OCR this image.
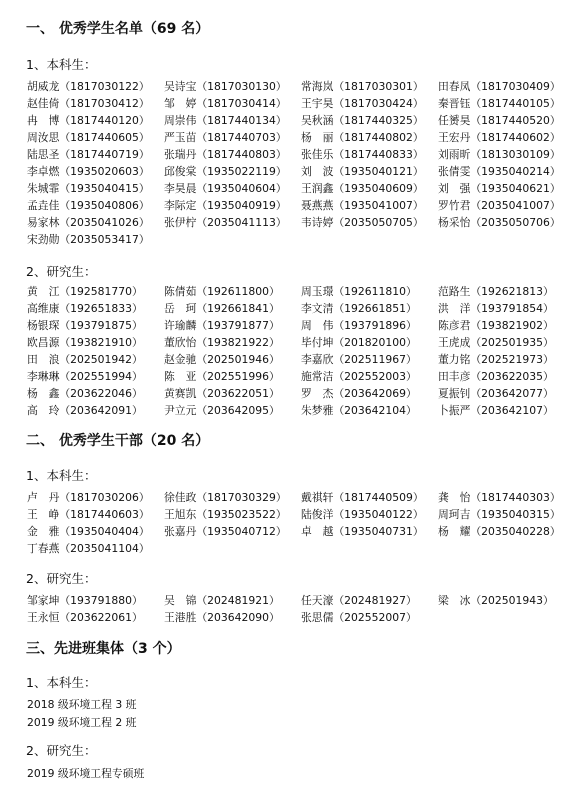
一、 优秀学生名单（69 名）
1、本科生：
胡威龙（1817030122）	吴诗宝（1817030130）	常海岚（1817030301）	田春凤（1817030409）
赵佳倚（1817030412）	邹　婷（1817030414）	王宇昊（1817030424）	秦晋钰（1817440105）
冉　博（1817440120）	周崇伟（1817440134）	吴秋涵（1817440325）	任赟昊（1817440520）
周汝思（1817440605）	严玉苗（1817440703）	杨　丽（1817440802）	王宏丹（1817440602）
陆思圣（1817440719）	张瑞丹（1817440803）	张佳乐（1817440833）	刘雨昕（1813030109）
李卓燃（1935020603）	邱俊棠（1935022119）	刘　波（1935040121）	张倩雯（1935040214）
朱城霏（1935040415）	李昊晨（1935040604）	王润鑫（1935040609）	刘　强（1935040621）
孟垚佳（1935040806）	李际定（1935040919）	聂燕燕（1935041007）	罗竹君（2035041007）
易家林（2035041026）	张伊柠（2035041113）	韦诗婷（2035050705）	杨采怡（2035050706）
宋劲勋（2035053417）
2、研究生：
黄　江（192581770）	陈倩茹（192611800）	周玉璟（192611810）	范路生（192621813）
高维康（192651833）	岳　珂（192661841）	李文清（192661851）	洪　洋（193791854）
杨银琛（193791875）	许瑜麟（193791877）	周　伟（193791896）	陈彦君（193821902）
欧昌源（193821910）	董欣怡（193821922）	毕付坤（201820100）	王虎成（202501935）
田　浪（202501942）	赵金驰（202501946）	李嘉欣（202511967）	董力铭（202521973）
李琳琳（202551994）	陈　亚（202551996）	施常洁（202552003）	田丰彦（203622035）
杨　鑫（203622046）	黄赛凯（203622051）	罗　杰（203642069）	夏振钊（203642077）
高　玲（203642091）	尹立元（203642095）	朱梦雅（203642104）	卜振严（203642107）
二、 优秀学生干部（20 名）
1、本科生：
卢　丹（1817030206）	徐佳政（1817030329）	戴祺轩（1817440509）	龚　怡（1817440303）
王　峥（1817440603）	王旭东（1935023522）	陆俊洋（1935040122）	周珂吉（1935040315）
金　雅（1935040404）	张嘉丹（1935040712）	卓　越（1935040731）	杨　耀（2035040228）
丁春燕（2035041104）
2、研究生：
邹家坤（193791880）	吴　锦（202481921）	任天濠（202481927）	梁　冰（202501943）
王永恒（203622061）	王港胜（203642090）	张思儒（202552007）
三、先进班集体（3 个）
1、本科生：
2018 级环境工程 3 班
2019 级环境工程 2 班
2、研究生：
2019 级环境工程专硕班
